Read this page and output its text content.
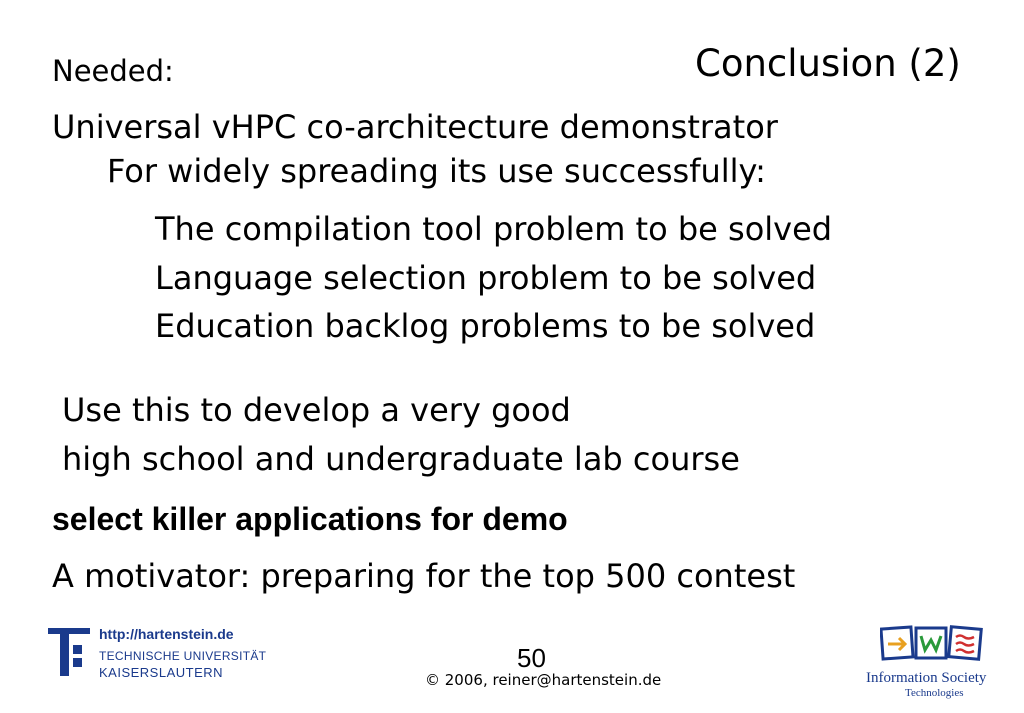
Conclusion (2)
Needed:
Universal vHPC co-architecture demonstrator
For widely spreading its use successfully:
The compilation tool problem to be solved
Language selection problem to be solved
Education backlog problems to be solved
Use this to develop a very good
high school and undergraduate lab course
select killer applications for demo
A motivator: preparing for the top 500 contest
http://hartenstein.de
TECHNISCHE UNIVERSITÄT
KAISERSLAUTERN	50
© 2006, reiner@hartenstein.de	Information Society
Technologies
